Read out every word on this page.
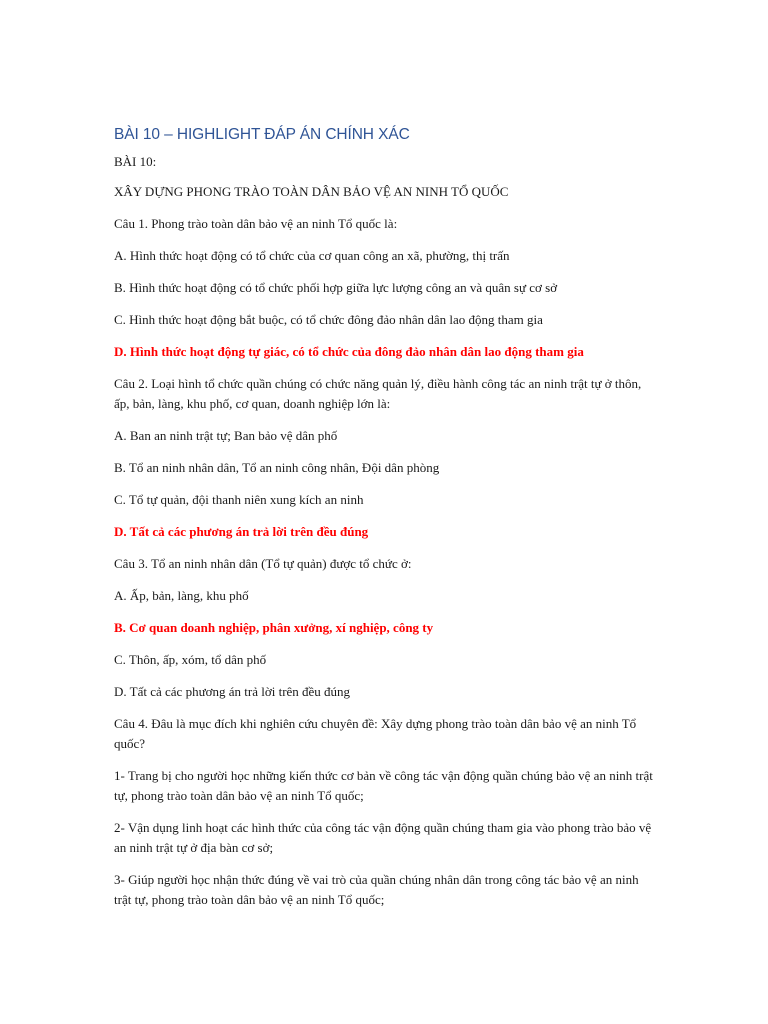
BÀI 10 – HIGHLIGHT ĐÁP ÁN CHÍNH XÁC
BÀI 10:
XÂY DỰNG PHONG TRÀO TOÀN DÂN BẢO VỆ AN NINH TỔ QUỐC
Câu 1. Phong trào toàn dân bảo vệ an ninh Tổ quốc là:
A. Hình thức hoạt động có tổ chức của cơ quan công an xã, phường, thị trấn
B. Hình thức hoạt động có tổ chức phối hợp giữa lực lượng công an và quân sự cơ sở
C. Hình thức hoạt động bắt buộc, có tổ chức đông đảo nhân dân lao động tham gia
D. Hình thức hoạt động tự giác, có tổ chức của đông đảo nhân dân lao động tham gia
Câu 2. Loại hình tổ chức quần chúng có chức năng quản lý, điều hành công tác an ninh trật tự ở thôn, ấp, bản, làng, khu phố, cơ quan, doanh nghiệp lớn là:
A. Ban an ninh trật tự; Ban bảo vệ dân phố
B. Tổ an ninh nhân dân, Tổ an ninh công nhân, Đội dân phòng
C. Tổ tự quản, đội thanh niên xung kích an ninh
D. Tất cả các phương án trả lời trên đều đúng
Câu 3. Tổ an ninh nhân dân (Tổ tự quản) được tổ chức ở:
A. Ấp, bản, làng, khu phố
B. Cơ quan doanh nghiệp, phân xưởng, xí nghiệp, công ty
C. Thôn, ấp, xóm, tổ dân phố
D. Tất cả các phương án trả lời trên đều đúng
Câu 4. Đâu là mục đích khi nghiên cứu chuyên đề: Xây dựng phong trào toàn dân bảo vệ an ninh Tổ quốc?
1- Trang bị cho người học những kiến thức cơ bản về công tác vận động quần chúng bảo vệ an ninh trật tự, phong trào toàn dân bảo vệ an ninh Tổ quốc;
2- Vận dụng linh hoạt các hình thức của công tác vận động quần chúng tham gia vào phong trào bảo vệ an ninh trật tự ở địa bàn cơ sở;
3- Giúp người học nhận thức đúng về vai trò của quần chúng nhân dân trong công tác bảo vệ an ninh trật tự, phong trào toàn dân bảo vệ an ninh Tổ quốc;
